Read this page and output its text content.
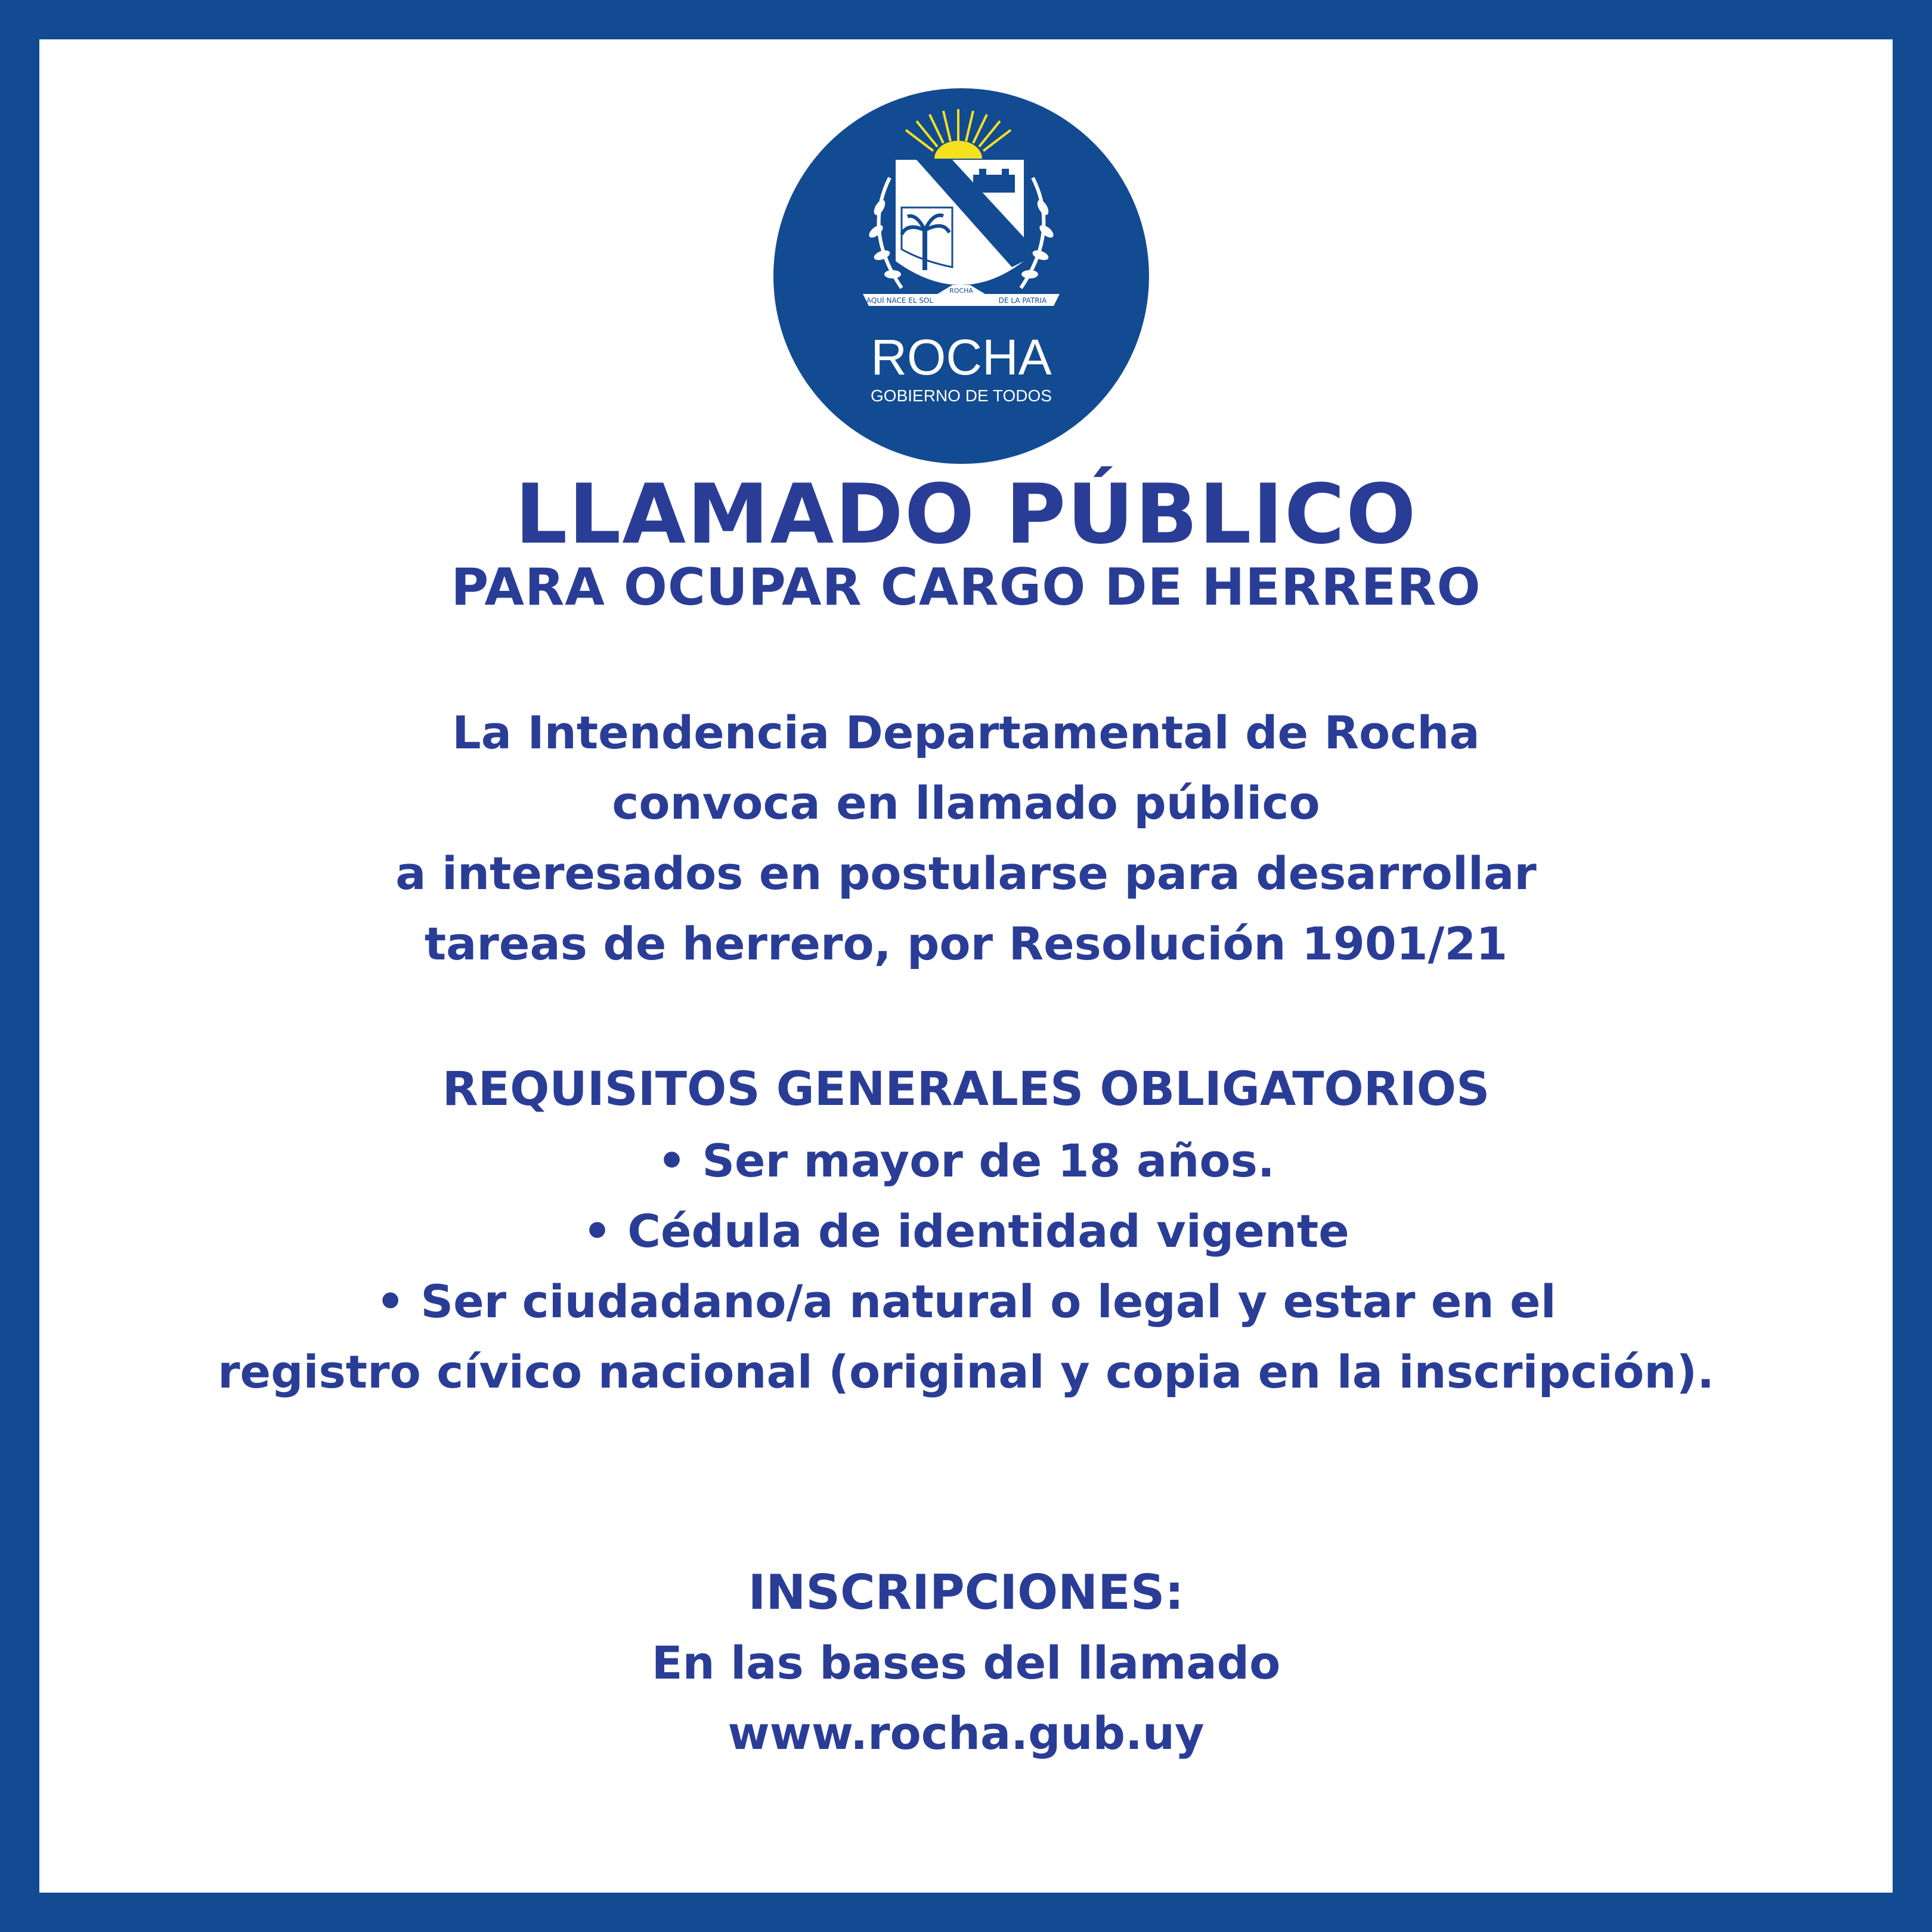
AQUÍ NACE EL SOL
ROCHA
DE LA PATRIA
ROCHA
GOBIERNO DE TODOS
LLAMADO PÚBLICO
PARA OCUPAR CARGO DE HERRERO
La Intendencia Departamental de Rocha
convoca en llamado público
a interesados en postularse para desarrollar
tareas de herrero, por Resolución 1901/21
REQUISITOS GENERALES OBLIGATORIOS
• Ser mayor de 18 años.
• Cédula de identidad vigente
• Ser ciudadano/a natural o legal y estar en el
registro cívico nacional (original y copia en la inscripción).
INSCRIPCIONES:
En las bases del llamado
www.rocha.gub.uy
